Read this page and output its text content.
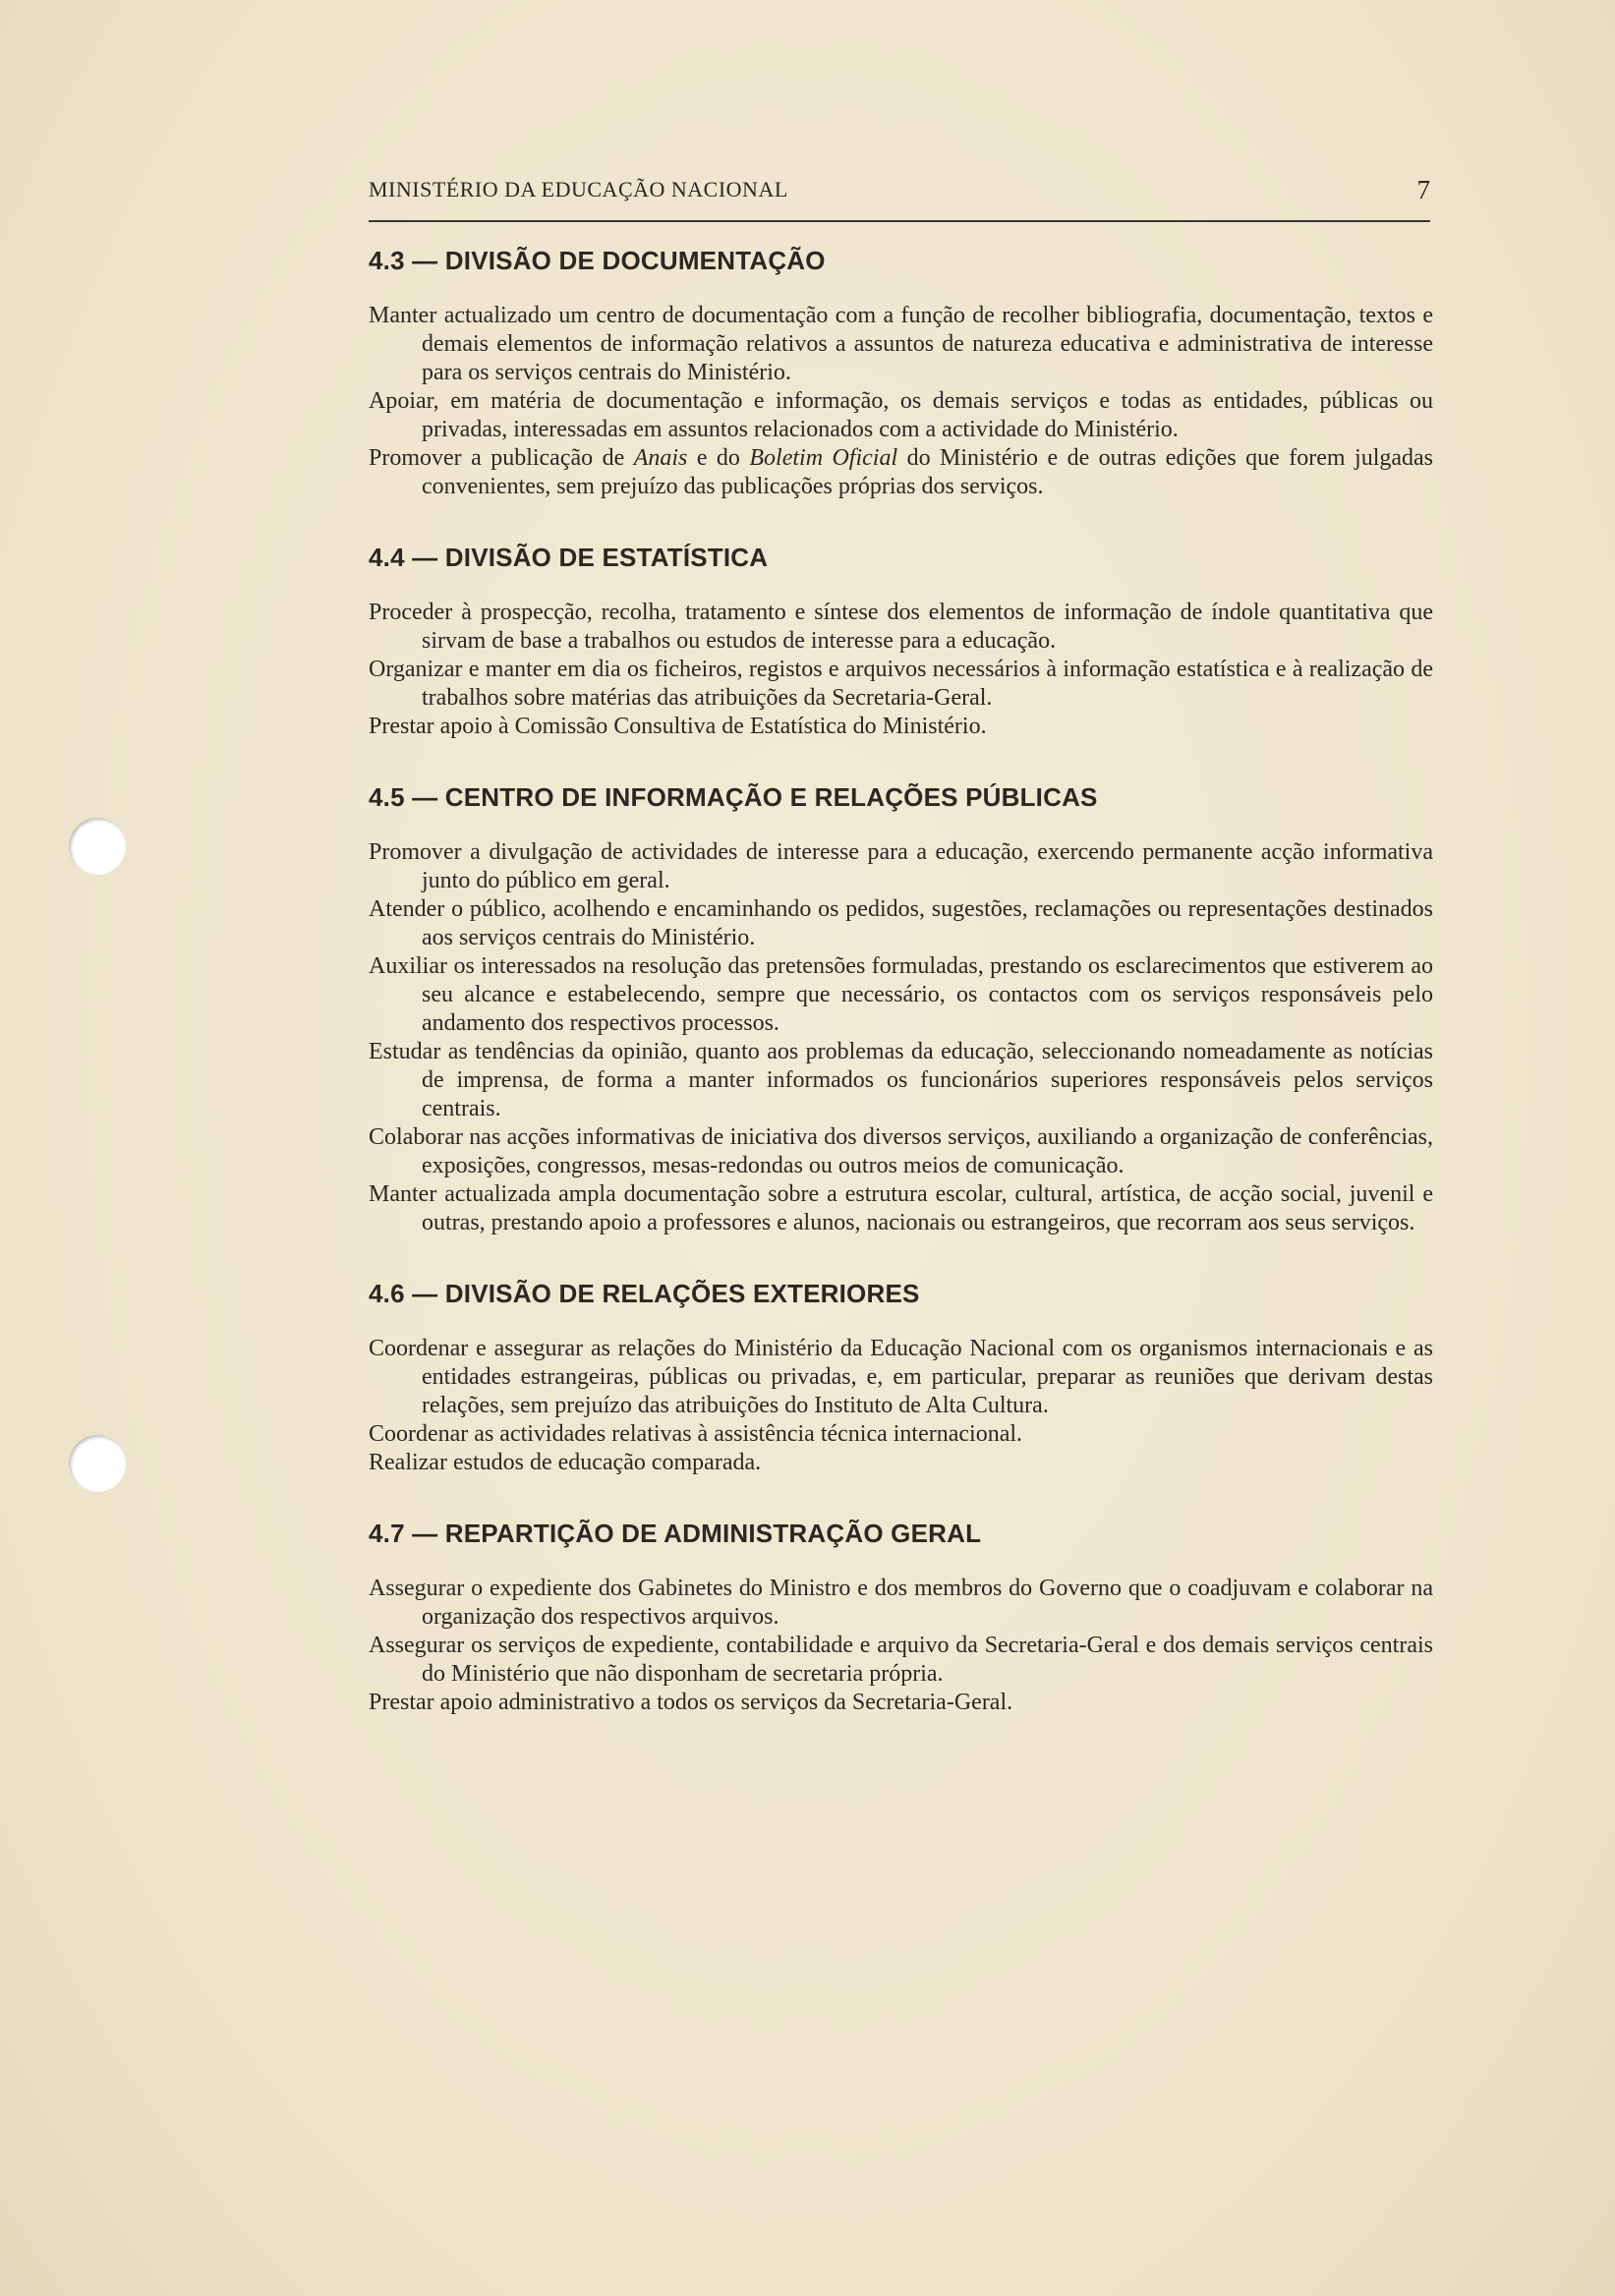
MINISTÉRIO DA EDUCAÇÃO NACIONAL	7
4.3 — DIVISÃO DE DOCUMENTAÇÃO

Manter actualizado um centro de documentação com a função de recolher bibliografia, documentação, textos e demais elementos de informação relativos a assuntos de natureza educativa e administrativa de interesse para os serviços centrais do Ministério.

Apoiar, em matéria de documentação e informação, os demais serviços e todas as entidades, públicas ou privadas, interessadas em assuntos relacionados com a actividade do Ministério.

Promover a publicação de Anais e do Boletim Oficial do Ministério e de outras edições que forem julgadas convenientes, sem prejuízo das publicações próprias dos serviços.

4.4 — DIVISÃO DE ESTATÍSTICA

Proceder à prospecção, recolha, tratamento e síntese dos elementos de informação de índole quantitativa que sirvam de base a trabalhos ou estudos de interesse para a educação.

Organizar e manter em dia os ficheiros, registos e arquivos necessários à informação estatística e à realização de trabalhos sobre matérias das atribuições da Secretaria-Geral.

Prestar apoio à Comissão Consultiva de Estatística do Ministério.

4.5 — CENTRO DE INFORMAÇÃO E RELAÇÕES PÚBLICAS

Promover a divulgação de actividades de interesse para a educação, exercendo permanente acção informativa junto do público em geral.

Atender o público, acolhendo e encaminhando os pedidos, sugestões, reclamações ou representações destinados aos serviços centrais do Ministério.

Auxiliar os interessados na resolução das pretensões formuladas, prestando os esclarecimentos que estiverem ao seu alcance e estabelecendo, sempre que necessário, os contactos com os serviços responsáveis pelo andamento dos respectivos processos.

Estudar as tendências da opinião, quanto aos problemas da educação, seleccionando nomeadamente as notícias de imprensa, de forma a manter informados os funcionários superiores responsáveis pelos serviços centrais.

Colaborar nas acções informativas de iniciativa dos diversos serviços, auxiliando a organização de conferências, exposições, congressos, mesas-redondas ou outros meios de comunicação.

Manter actualizada ampla documentação sobre a estrutura escolar, cultural, artística, de acção social, juvenil e outras, prestando apoio a professores e alunos, nacionais ou estrangeiros, que recorram aos seus serviços.

4.6 — DIVISÃO DE RELAÇÕES EXTERIORES

Coordenar e assegurar as relações do Ministério da Educação Nacional com os organismos internacionais e as entidades estrangeiras, públicas ou privadas, e, em particular, preparar as reuniões que derivam destas relações, sem prejuízo das atribuições do Instituto de Alta Cultura.

Coordenar as actividades relativas à assistência técnica internacional.

Realizar estudos de educação comparada.

4.7 — REPARTIÇÃO DE ADMINISTRAÇÃO GERAL

Assegurar o expediente dos Gabinetes do Ministro e dos membros do Governo que o coadjuvam e colaborar na organização dos respectivos arquivos.

Assegurar os serviços de expediente, contabilidade e arquivo da Secretaria-Geral e dos demais serviços centrais do Ministério que não disponham de secretaria própria.

Prestar apoio administrativo a todos os serviços da Secretaria-Geral.
